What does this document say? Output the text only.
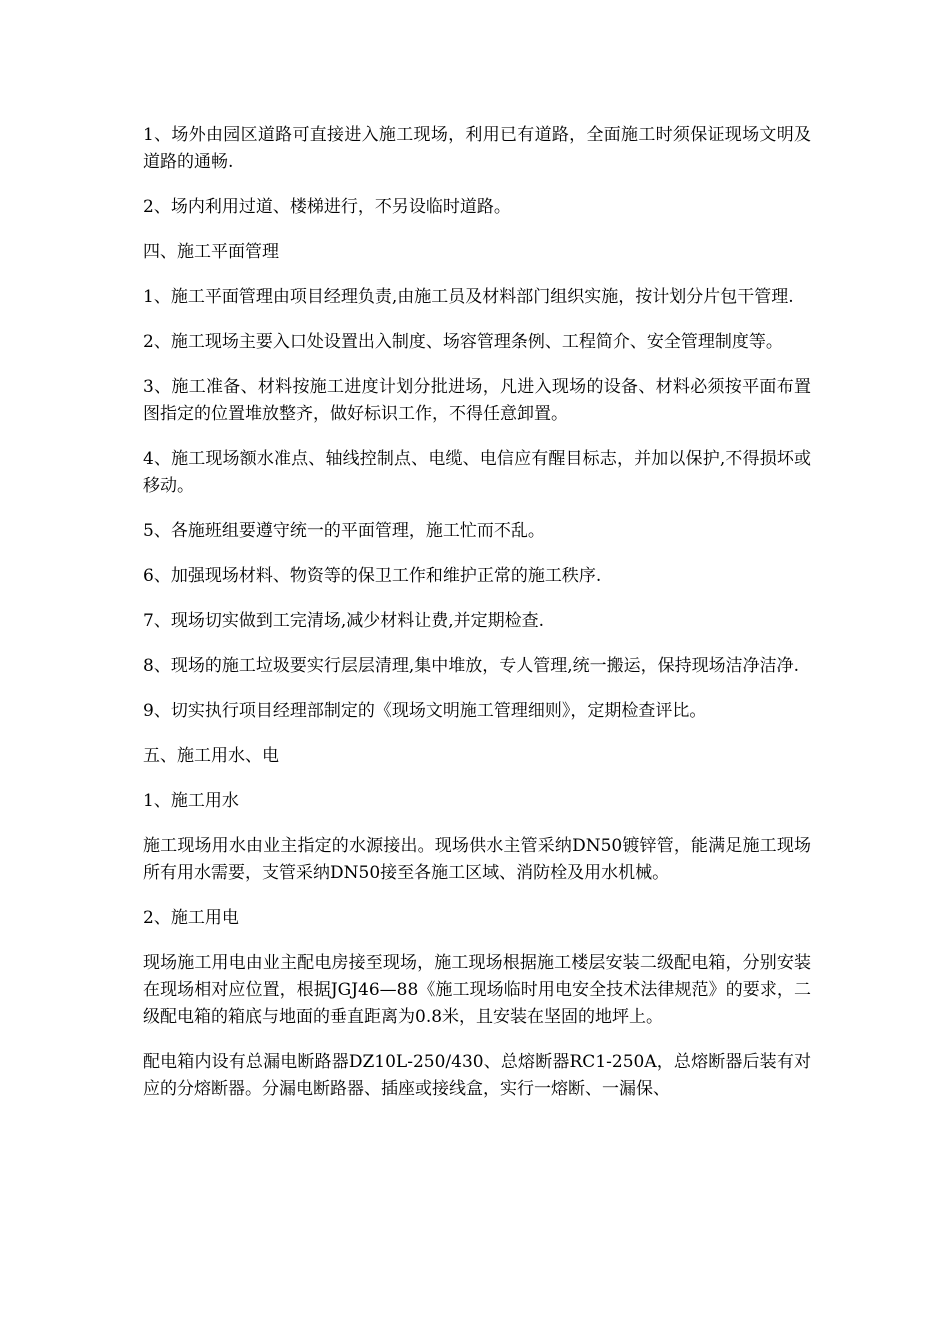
1、场外由园区道路可直接进入施工现场，利用已有道路，全面施工时须保证现场文明及道路的通畅.

2、场内利用过道、楼梯进行，不另设临时道路。

四、施工平面管理

1、施工平面管理由项目经理负责,由施工员及材料部门组织实施，按计划分片包干管理.

2、施工现场主要入口处设置出入制度、场容管理条例、工程简介、安全管理制度等。

3、施工准备、材料按施工进度计划分批进场，凡进入现场的设备、材料必须按平面布置图指定的位置堆放整齐，做好标识工作，不得任意卸置。

4、施工现场额水准点、轴线控制点、电缆、电信应有醒目标志，并加以保护,不得损坏或移动。

5、各施班组要遵守统一的平面管理，施工忙而不乱。

6、加强现场材料、物资等的保卫工作和维护正常的施工秩序.

7、现场切实做到工完清场,减少材料让费,并定期检查.

8、现场的施工垃圾要实行层层清理,集中堆放，专人管理,统一搬运，保持现场洁净洁净.

9、切实执行项目经理部制定的《现场文明施工管理细则》，定期检查评比。

五、施工用水、电

1、施工用水

施工现场用水由业主指定的水源接出。现场供水主管采纳DN50镀锌管，能满足施工现场所有用水需要，支管采纳DN50接至各施工区域、消防栓及用水机械。

2、施工用电

现场施工用电由业主配电房接至现场，施工现场根据施工楼层安装二级配电箱，分别安装在现场相对应位置，根据JGJ46—88《施工现场临时用电安全技术法律规范》的要求，二级配电箱的箱底与地面的垂直距离为0.8米，且安装在坚固的地坪上。

配电箱内设有总漏电断路器DZ10L-250/430、总熔断器RC1-250A，总熔断器后装有对应的分熔断器。分漏电断路器、插座或接线盒，实行一熔断、一漏保、
